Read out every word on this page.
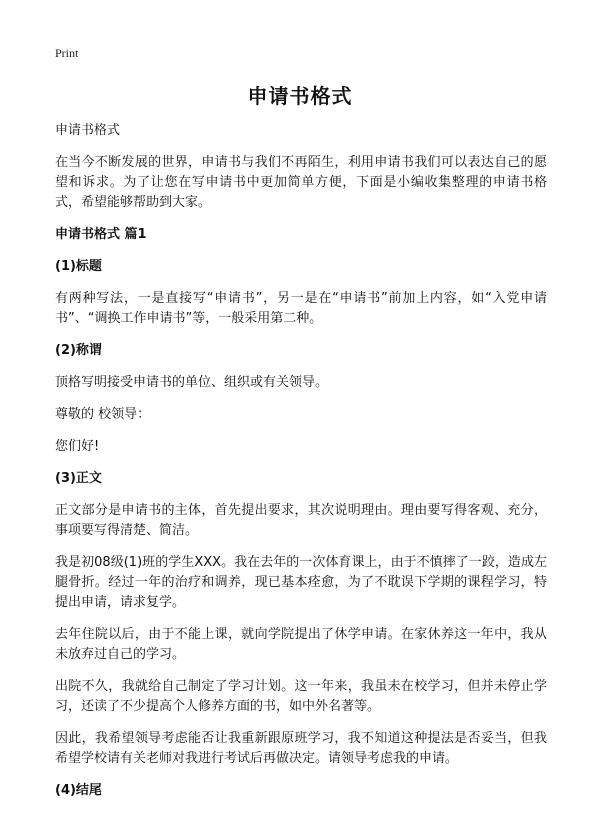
Print
申请书格式

申请书格式

在当今不断发展的世界，申请书与我们不再陌生，利用申请书我们可以表达自己的愿望和诉求。为了让您在写申请书中更加简单方便，下面是小编收集整理的申请书格式，希望能够帮助到大家。

申请书格式 篇1
(1)标题

有两种写法，一是直接写“申请书”，另一是在“申请书”前加上内容，如“入党申请书”、“调换工作申请书”等，一般采用第二种。

(2)称谓

顶格写明接受申请书的单位、组织或有关领导。

尊敬的 校领导：

您们好!

(3)正文

正文部分是申请书的主体，首先提出要求，其次说明理由。理由要写得客观、充分，事项要写得清楚、简洁。

我是初08级(1)班的学生XXX。我在去年的一次体育课上，由于不慎摔了一跤，造成左腿骨折。经过一年的治疗和调养，现已基本痊愈，为了不耽误下学期的课程学习，特提出申请，请求复学。

去年住院以后，由于不能上课，就向学院提出了休学申请。在家休养这一年中，我从未放弃过自己的学习。

出院不久，我就给自己制定了学习计划。这一年来，我虽未在校学习，但并未停止学习，还读了不少提高个人修养方面的书，如中外名著等。

因此，我希望领导考虑能否让我重新跟原班学习，我不知道这种提法是否妥当，但我希望学校请有关老师对我进行考试后再做决定。请领导考虑我的申请。

(4)结尾
